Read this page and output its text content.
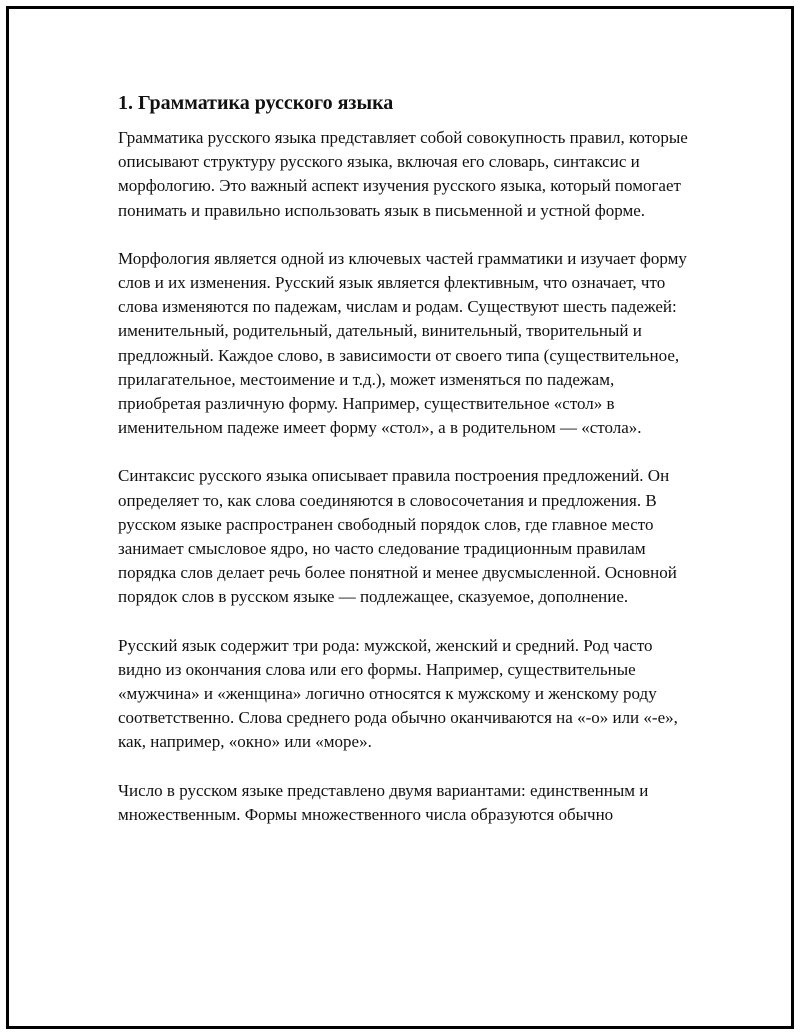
1. Грамматика русского языка

Грамматика русского языка представляет собой совокупность правил, которые описывают структуру русского языка, включая его словарь, синтаксис и морфологию. Это важный аспект изучения русского языка, который помогает понимать и правильно использовать язык в письменной и устной форме.

Морфология является одной из ключевых частей грамматики и изучает форму слов и их изменения. Русский язык является флективным, что означает, что слова изменяются по падежам, числам и родам. Существуют шесть падежей: именительный, родительный, дательный, винительный, творительный и предложный. Каждое слово, в зависимости от своего типа (существительное, прилагательное, местоимение и т.д.), может изменяться по падежам, приобретая различную форму. Например, существительное «стол» в именительном падеже имеет форму «стол», а в родительном — «стола».

Синтаксис русского языка описывает правила построения предложений. Он определяет то, как слова соединяются в словосочетания и предложения. В русском языке распространен свободный порядок слов, где главное место занимает смысловое ядро, но часто следование традиционным правилам порядка слов делает речь более понятной и менее двусмысленной. Основной порядок слов в русском языке — подлежащее, сказуемое, дополнение.

Русский язык содержит три рода: мужской, женский и средний. Род часто видно из окончания слова или его формы. Например, существительные «мужчина» и «женщина» логично относятся к мужскому и женскому роду соответственно. Слова среднего рода обычно оканчиваются на «-о» или «-е», как, например, «окно» или «море».

Число в русском языке представлено двумя вариантами: единственным и множественным. Формы множественного числа образуются обычно
